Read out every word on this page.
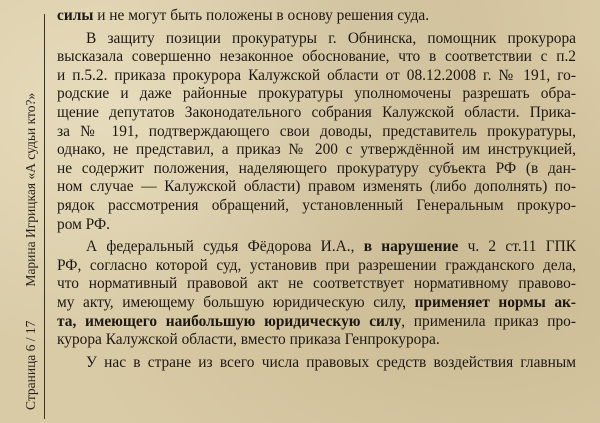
Страница 6 / 17Марина Игрицкая «А судьи кто?»

силы и не могут быть положены в основу решения суда.

В защиту позиции прокуратуры г. Обнинска, помощник прокурора
высказала совершенно незаконное обоснование, что в соответствии с п.2
и п.5.2. приказа прокурора Калужской области от 08.12.2008 г. № 191, го-
родские и даже районные прокуратуры уполномочены разрешать обра-
щение депутатов Законодательного собрания Калужской области. Прика-
за № 191, подтверждающего свои доводы, представитель прокуратуры,
однако, не представил, а приказ № 200 с утверждённой им инструкцией,
не содержит положения, наделяющего прокуратуру субъекта РФ (в дан-
ном случае — Калужской области) правом изменять (либо дополнять) по-
рядок рассмотрения обращений, установленный Генеральным прокуро-
ром РФ.

А федеральный судья Фёдорова И.А., в нарушение ч. 2 ст.11 ГПК
РФ, согласно которой суд, установив при разрешении гражданского дела,
что нормативный правовой акт не соответствует нормативному правово-
му акту, имеющему большую юридическую силу, применяет нормы ак-
та, имеющего наибольшую юридическую силу, применила приказ про-
курора Калужской области, вместо приказа Генпрокурора.

У нас в стране из всего числа правовых средств воздействия главным
